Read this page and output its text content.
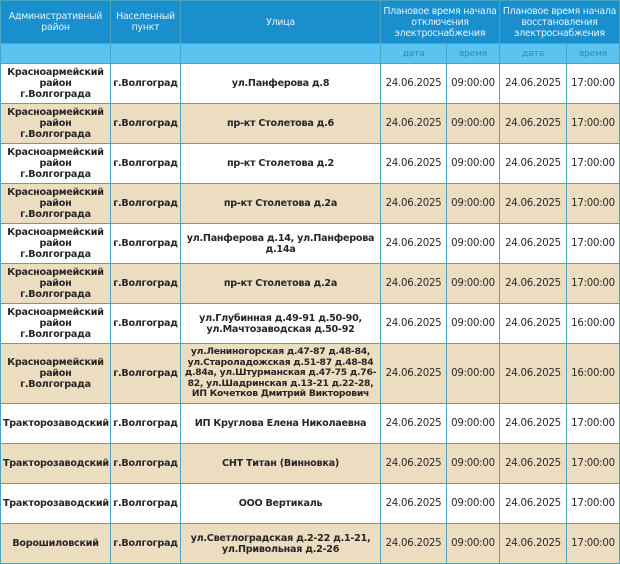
Административный район	Населенный пункт	Улица	Плановое время начала отключения электроснабжения		Плановое время начала восстановления электроснабжения	
			дата	время	дата	время
Красноармейский район г.Волгограда	г.Волгоград	ул.Панферова д.8	24.06.2025	09:00:00	24.06.2025	17:00:00
Красноармейский район г.Волгограда	г.Волгоград	пр-кт Столетова д.6	24.06.2025	09:00:00	24.06.2025	17:00:00
Красноармейский район г.Волгограда	г.Волгоград	пр-кт Столетова д.2	24.06.2025	09:00:00	24.06.2025	17:00:00
Красноармейский район г.Волгограда	г.Волгоград	пр-кт Столетова д.2а	24.06.2025	09:00:00	24.06.2025	17:00:00
Красноармейский район г.Волгограда	г.Волгоград	ул.Панферова д.14, ул.Панферова д.14а	24.06.2025	09:00:00	24.06.2025	17:00:00
Красноармейский район г.Волгограда	г.Волгоград	пр-кт Столетова д.2а	24.06.2025	09:00:00	24.06.2025	17:00:00
Красноармейский район г.Волгограда	г.Волгоград	ул.Глубинная д.49-91 д.50-90, ул.Мачтозаводская д.50-92	24.06.2025	09:00:00	24.06.2025	16:00:00
Красноармейский район г.Волгограда	г.Волгоград	ул.Лениногорская д.47-87 д.48-84, ул.Староладожская д.51-87 д.48-84 д.84а, ул.Штурманская д.47-75 д.76-82, ул.Шадринская д.13-21 д.22-28, ИП Кочетков Дмитрий Викторович	24.06.2025	09:00:00	24.06.2025	16:00:00
Тракторозаводский	г.Волгоград	ИП Круглова Елена Николаевна	24.06.2025	09:00:00	24.06.2025	17:00:00
Тракторозаводский	г.Волгоград	СНТ Титан (Винновка)	24.06.2025	09:00:00	24.06.2025	17:00:00
Тракторозаводский	г.Волгоград	ООО Вертикаль	24.06.2025	09:00:00	24.06.2025	17:00:00
Ворошиловский	г.Волгоград	ул.Светлоградская д.2-22 д.1-21, ул.Привольная д.2-26	24.06.2025	09:00:00	24.06.2025	17:00:00
